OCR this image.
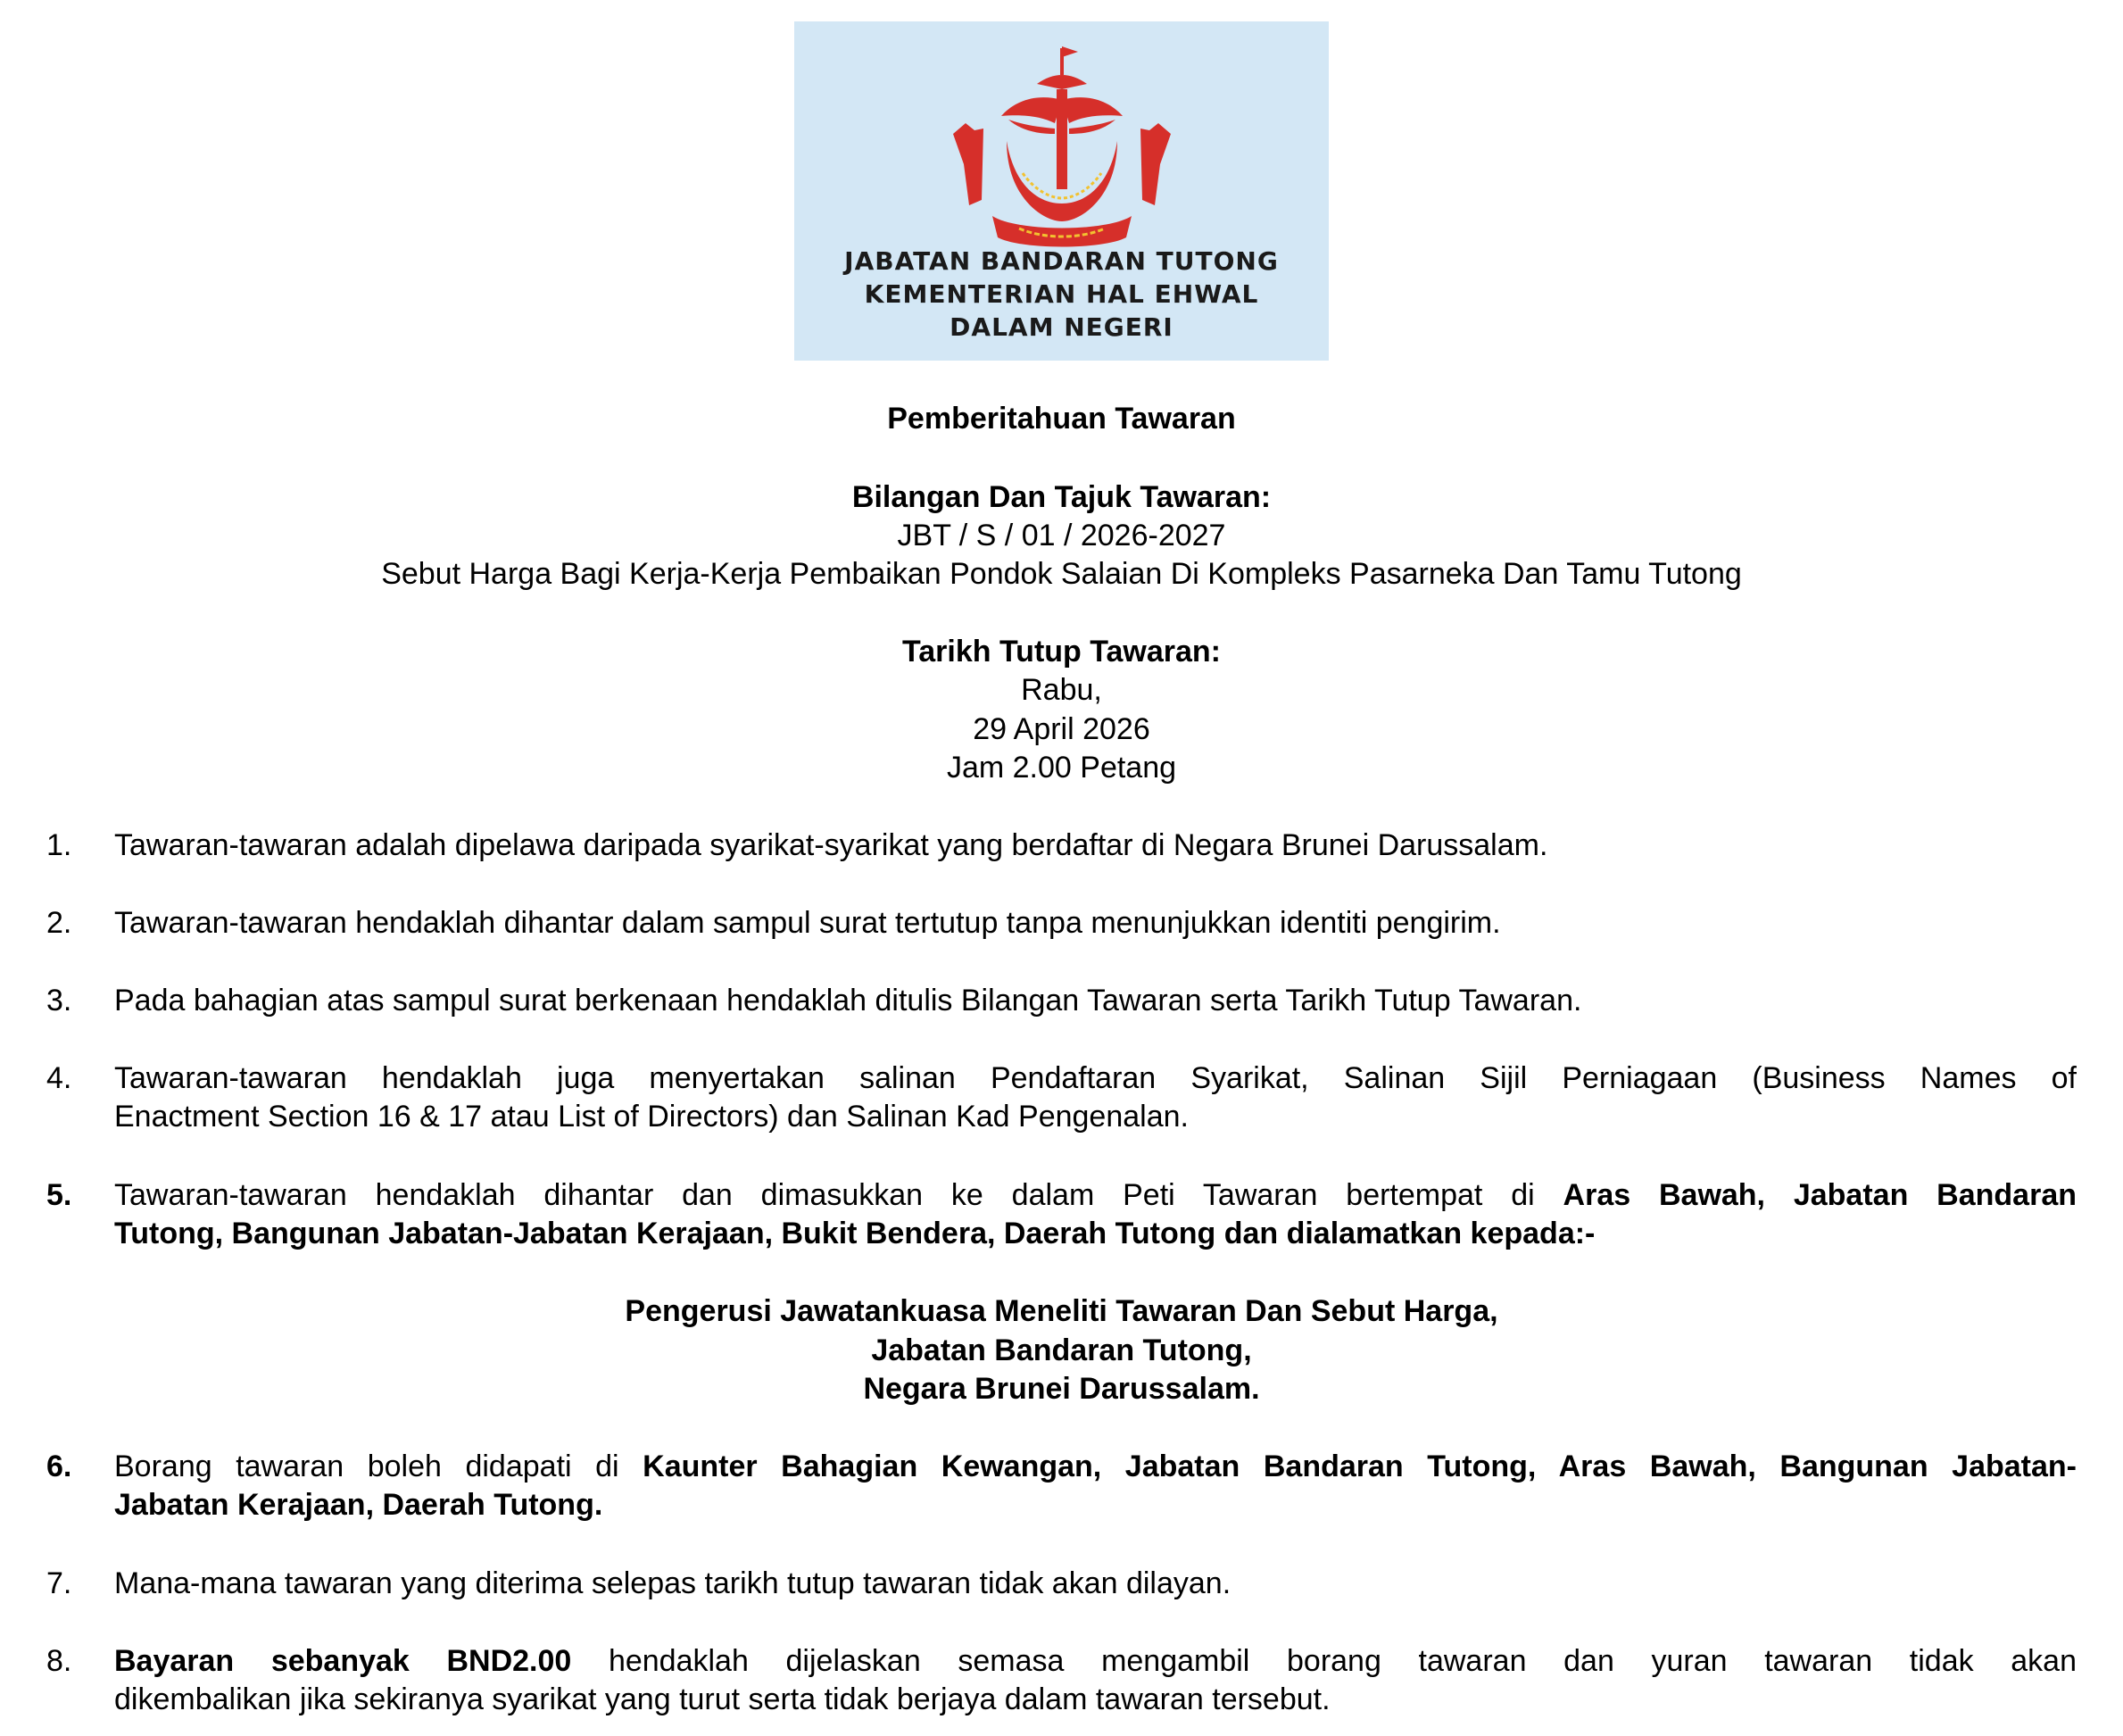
JABATAN BANDARAN TUTONG
KEMENTERIAN HAL EHWAL
DALAM NEGERI
Pemberitahuan Tawaran
Bilangan Dan Tajuk Tawaran:
JBT / S / 01 / 2026-2027
Sebut Harga Bagi Kerja-Kerja Pembaikan Pondok Salaian Di Kompleks Pasarneka Dan Tamu Tutong
Tarikh Tutup Tawaran:
Rabu,
29 April 2026
Jam 2.00 Petang
1. Tawaran-tawaran adalah dipelawa daripada syarikat-syarikat yang berdaftar di Negara Brunei Darussalam.
2. Tawaran-tawaran hendaklah dihantar dalam sampul surat tertutup tanpa menunjukkan identiti pengirim.
3. Pada bahagian atas sampul surat berkenaan hendaklah ditulis Bilangan Tawaran serta Tarikh Tutup Tawaran.
4. Tawaran-tawaran hendaklah juga menyertakan salinan Pendaftaran Syarikat, Salinan Sijil Perniagaan (Business Names of
Enactment Section 16 & 17 atau List of Directors) dan Salinan Kad Pengenalan.
5. Tawaran-tawaran hendaklah dihantar dan dimasukkan ke dalam Peti Tawaran bertempat di Aras Bawah, Jabatan Bandaran
Tutong, Bangunan Jabatan-Jabatan Kerajaan, Bukit Bendera, Daerah Tutong dan dialamatkan kepada:-
Pengerusi Jawatankuasa Meneliti Tawaran Dan Sebut Harga,
Jabatan Bandaran Tutong,
Negara Brunei Darussalam.
6. Borang tawaran boleh didapati di Kaunter Bahagian Kewangan, Jabatan Bandaran Tutong, Aras Bawah, Bangunan Jabatan-
Jabatan Kerajaan, Daerah Tutong.
7. Mana-mana tawaran yang diterima selepas tarikh tutup tawaran tidak akan dilayan.
8. Bayaran sebanyak BND2.00 hendaklah dijelaskan semasa mengambil borang tawaran dan yuran tawaran tidak akan
dikembalikan jika sekiranya syarikat yang turut serta tidak berjaya dalam tawaran tersebut.
